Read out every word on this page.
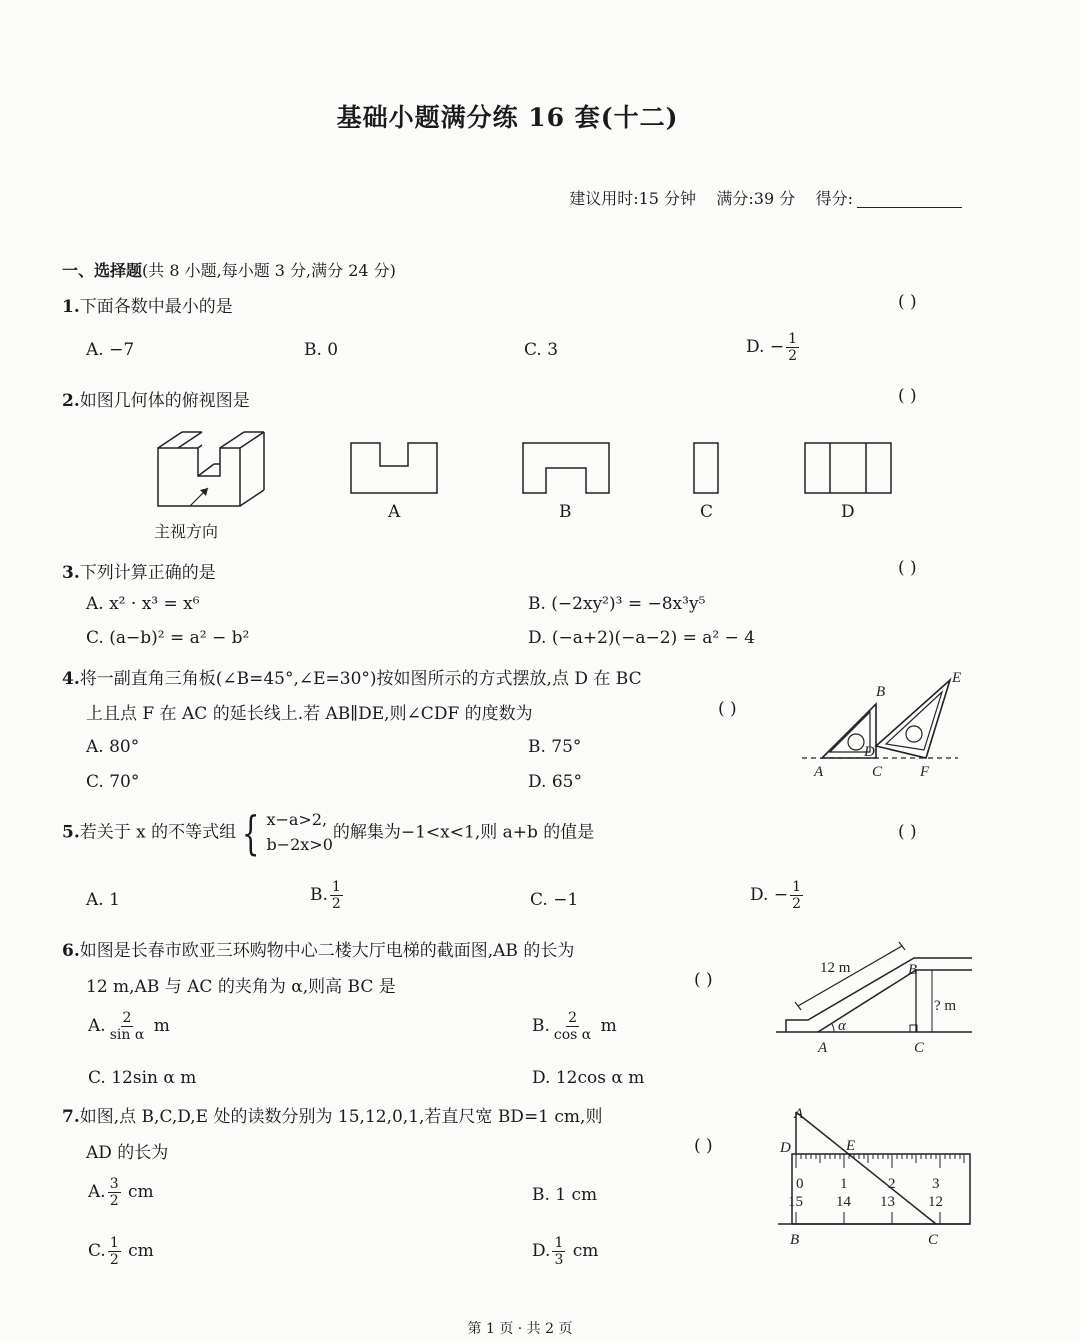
基础小题满分练 16 套(十二)
建议用时:15 分钟 满分:39 分 得分:
一、选择题(共 8 小题,每小题 3 分,满分 24 分)
1.下面各数中最小的是	( )
A. −7	B. 0	C. 3	D. − $\frac{1}{2}$
2.如图几何体的俯视图是	( )
主视方向
A	B	C	D
3.下列计算正确的是	( )
A. x² · x³ = x⁶	B. (−2xy²)³ = −8x³y⁵
C. (a−b)² = a² − b²	D. (−a+2)(−a−2) = a² − 4
4.将一副直角三角板(∠B=45°,∠E=30°)按如图所示的方式摆放,点 D 在 BC
上且点 F 在 AC 的延长线上.若 AB∥DE,则∠CDF 的度数为	( )
A. 80°	B. 75°
C. 70°	D. 65°
B
E
D
A	C	F
5.若关于 x 的不等式组 { x−a>2,
b−2x>0
的解集为−1<x<1,则 a+b 的值是	( )
A. 1	B. $\frac{1}{2}$	C. −1	D. − $\frac{1}{2}$
6.如图是长春市欧亚三环购物中心二楼大厅电梯的截面图,AB 的长为
12 m,AB 与 AC 的夹角为 α,则高 BC 是	( )
A. $\frac{2}{\text{sin α}}$ m	B. $\frac{2}{\text{cos α}}$ m
C. 12sin α m	D. 12cos α m
12 m
? m
α
B
A	C
7.如图,点 B,C,D,E 处的读数分别为 15,12,0,1,若直尺宽 BD=1 cm,则
AD 的长为	( )
A. $\frac{3}{2}$ cm	B. 1 cm
C. $\frac{1}{2}$ cm	D. $\frac{1}{3}$ cm
0 1	2 3
15 14 13 12
A
D	E
B	C
第 1 页 · 共 2 页
